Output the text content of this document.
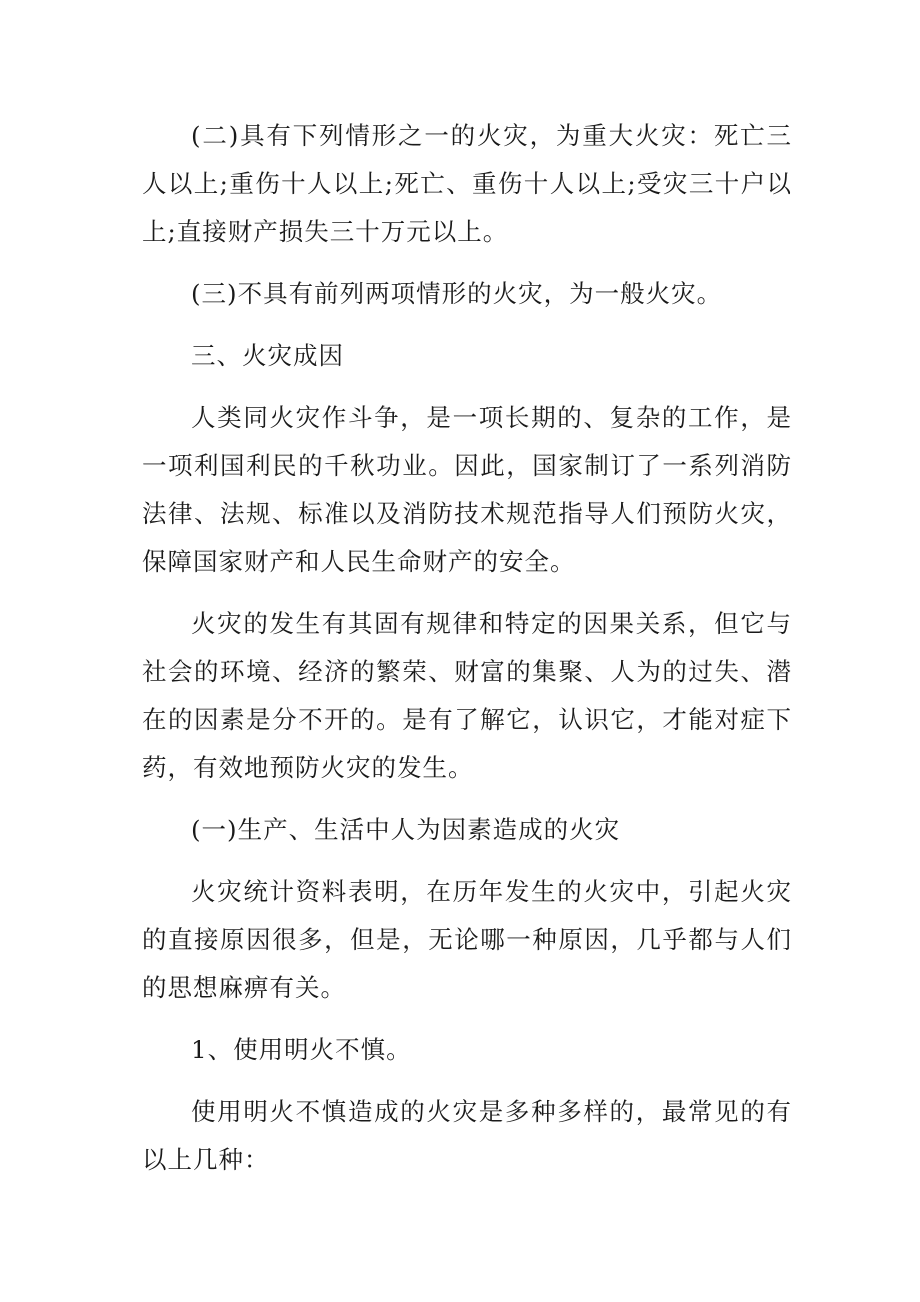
(二)具有下列情形之一的火灾，为重大火灾：死亡三人以上;重伤十人以上;死亡、重伤十人以上;受灾三十户以上;直接财产损失三十万元以上。

(三)不具有前列两项情形的火灾，为一般火灾。

三、火灾成因

人类同火灾作斗争，是一项长期的、复杂的工作，是一项利国利民的千秋功业。因此，国家制订了一系列消防法律、法规、标准以及消防技术规范指导人们预防火灾，保障国家财产和人民生命财产的安全。

火灾的发生有其固有规律和特定的因果关系，但它与社会的环境、经济的繁荣、财富的集聚、人为的过失、潜在的因素是分不开的。是有了解它，认识它，才能对症下药，有效地预防火灾的发生。

(一)生产、生活中人为因素造成的火灾

火灾统计资料表明，在历年发生的火灾中，引起火灾的直接原因很多，但是，无论哪一种原因，几乎都与人们的思想麻痹有关。

1、使用明火不慎。

使用明火不慎造成的火灾是多种多样的，最常见的有以上几种：
